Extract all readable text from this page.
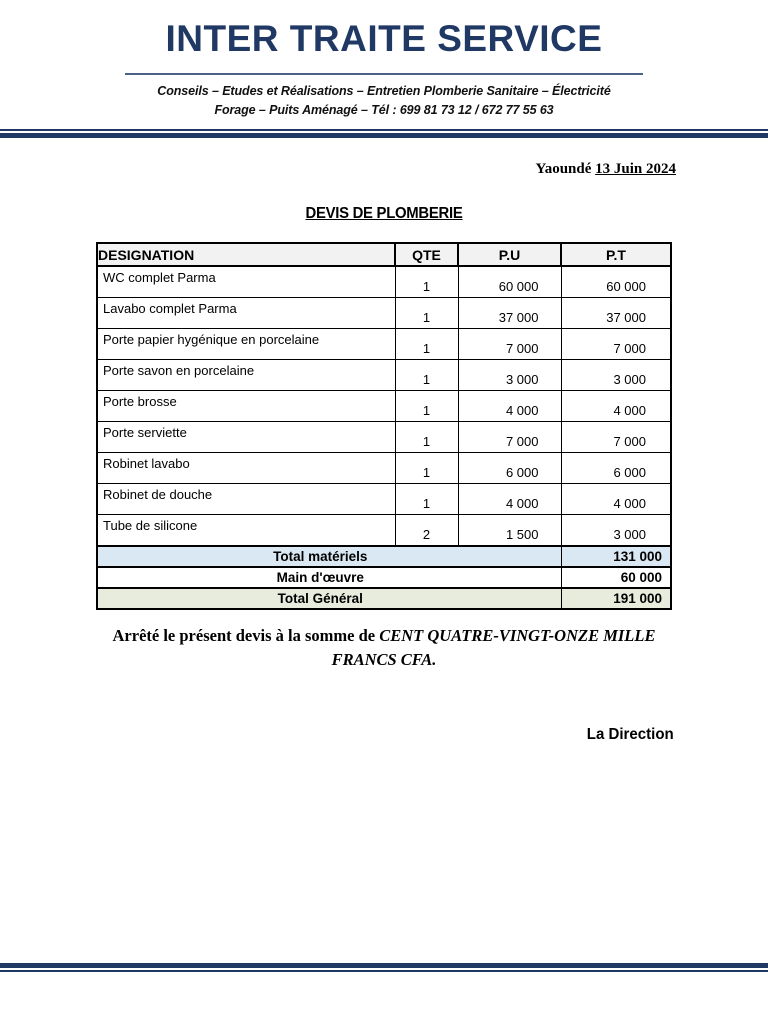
INTER TRAITE SERVICE
Conseils – Etudes et Réalisations – Entretien Plomberie Sanitaire – Électricité
Forage – Puits Aménagé – Tél : 699 81 73 12 / 672 77 55 63
Yaoundé 13 Juin 2024
DEVIS DE PLOMBERIE
DESIGNATION	QTE	P.U	P.T
WC complet Parma	1	60 000	60 000
Lavabo complet Parma	1	37 000	37 000
Porte papier hygénique en porcelaine	1	7 000	7 000
Porte savon en porcelaine	1	3 000	3 000
Porte brosse	1	4 000	4 000
Porte serviette	1	7 000	7 000
Robinet lavabo	1	6 000	6 000
Robinet de douche	1	4 000	4 000
Tube de silicone	2	1 500	3 000
Total matériels			131 000
Main d'œuvre			60 000
Total Général			191 000
Arrêté le présent devis à la somme de CENT QUATRE-VINGT-ONZE MILLE FRANCS CFA.
La Direction
